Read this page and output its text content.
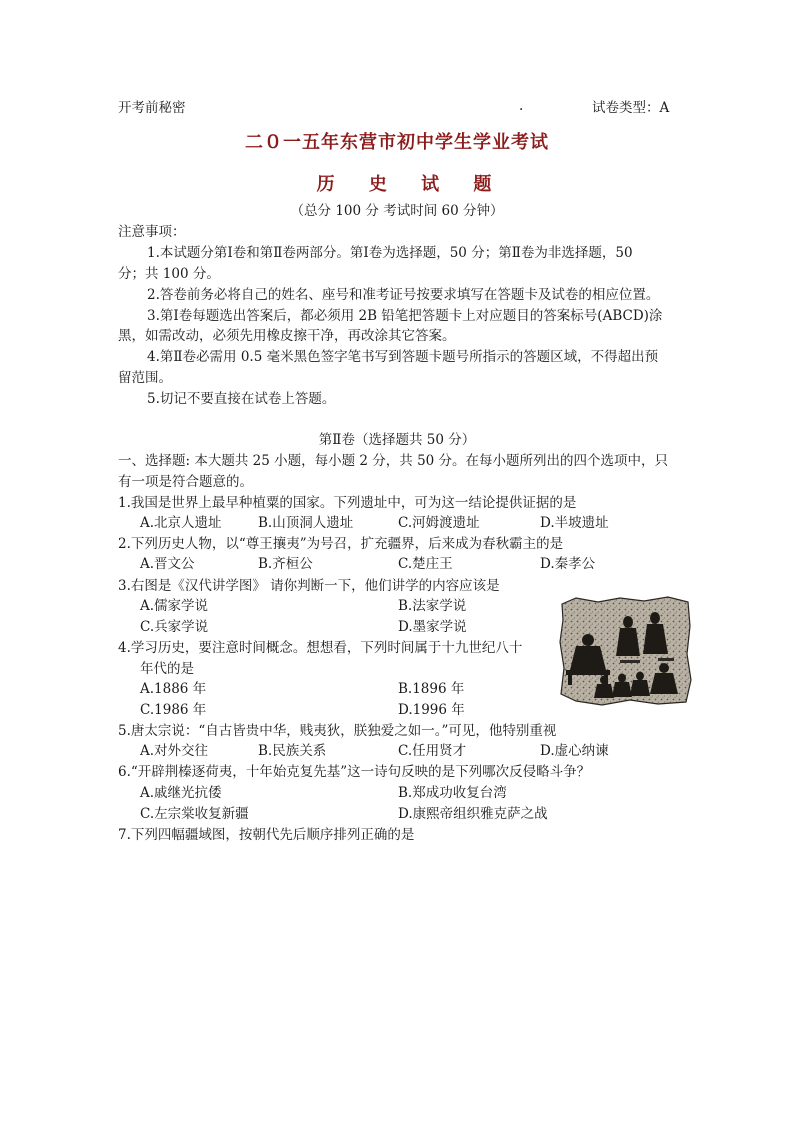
开考前秘密	.	试卷类型：A
二０一五年东营市初中学生学业考试
历 史 试 题
（总分 100 分 考试时间 60 分钟）
注意事项：
1.本试题分第Ⅰ卷和第Ⅱ卷两部分。第Ⅰ卷为选择题，50 分；第Ⅱ卷为非选择题，50
分；共 100 分。
2.答卷前务必将自己的姓名、座号和准考证号按要求填写在答题卡及试卷的相应位置。
3.第Ⅰ卷每题选出答案后，都必须用 2B 铅笔把答题卡上对应题目的答案标号(ABCD)涂
黑，如需改动，必须先用橡皮擦干净，再改涂其它答案。
4.第Ⅱ卷必需用 0.5 毫米黑色签字笔书写到答题卡题号所指示的答题区域，不得超出预
留范围。
5.切记不要直接在试卷上答题。
第Ⅱ卷（选择题共 50 分）
一、选择题: 本大题共 25 小题，每小题 2 分，共 50 分。在每小题所列出的四个选项中，只
有一项是符合题意的。
1.我国是世界上最早种植粟的国家。下列遗址中，可为这一结论提供证据的是
A.北京人遗址	B.山顶洞人遗址	C.河姆渡遗址	D.半坡遗址
2.下列历史人物，以“尊王攘夷”为号召，扩充疆界，后来成为春秋霸主的是
A.晋文公	B.齐桓公	C.楚庄王	D.秦孝公
3.右图是《汉代讲学图》 请你判断一下，他们讲学的内容应该是
A.儒家学说	B.法家学说
C.兵家学说	D.墨家学说
4.学习历史，要注意时间概念。想想看，下列时间属于十九世纪八十
年代的是
A.1886 年	B.1896 年
C.1986 年	D.1996 年
5.唐太宗说：“自古皆贵中华，贱夷狄，朕独爱之如一。”可见，他特别重视
A.对外交往	B.民族关系	C.任用贤才	D.虚心纳谏
6.“开辟荆榛逐荷夷，十年始克复先基”这一诗句反映的是下列哪次反侵略斗争？
A.戚继光抗倭	B.郑成功收复台湾
C.左宗棠收复新疆	D.康熙帝组织雅克萨之战
7.下列四幅疆域图，按朝代先后顺序排列正确的是
